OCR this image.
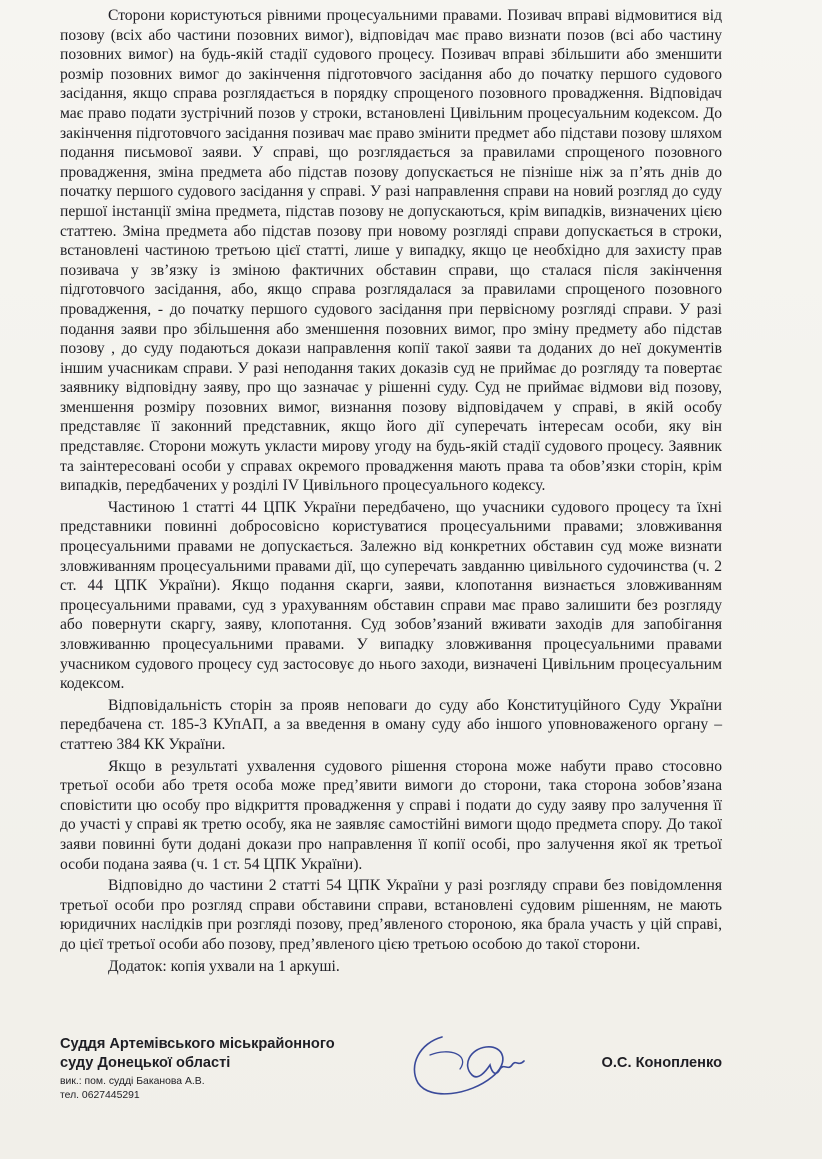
Сторони користуються рівними процесуальними правами. Позивач вправі відмовитися від позову (всіх або частини позовних вимог), відповідач має право визнати позов (всі або частину позовних вимог) на будь-якій стадії судового процесу. Позивач вправі збільшити або зменшити розмір позовних вимог до закінчення підготовчого засідання або до початку першого судового засідання, якщо справа розглядається в порядку спрощеного позовного провадження. Відповідач має право подати зустрічний позов у строки, встановлені Цивільним процесуальним кодексом. До закінчення підготовчого засідання позивач має право змінити предмет або підстави позову шляхом подання письмової заяви. У справі, що розглядається за правилами спрощеного позовного провадження, зміна предмета або підстав позову допускається не пізніше ніж за п’ять днів до початку першого судового засідання у справі. У разі направлення справи на новий розгляд до суду першої інстанції зміна предмета, підстав позову не допускаються, крім випадків, визначених цією статтею. Зміна предмета або підстав позову при новому розгляді справи допускається в строки, встановлені частиною третьою цієї статті, лише у випадку, якщо це необхідно для захисту прав позивача у зв’язку із зміною фактичних обставин справи, що сталася після закінчення підготовчого засідання, або, якщо справа розглядалася за правилами спрощеного позовного провадження, - до початку першого судового засідання при первісному розгляді справи. У разі подання заяви про збільшення або зменшення позовних вимог, про зміну предмету або підстав позову , до суду подаються докази направлення копії такої заяви та доданих до неї документів іншим учасникам справи. У разі неподання таких доказів суд не приймає до розгляду та повертає заявнику відповідну заяву, про що зазначає у рішенні суду. Суд не приймає відмови від позову, зменшення розміру позовних вимог, визнання позову відповідачем у справі, в якій особу представляє її законний представник, якщо його дії суперечать інтересам особи, яку він представляє. Сторони можуть укласти мирову угоду на будь-якій стадії судового процесу. Заявник та заінтересовані особи у справах окремого провадження мають права та обов’язки сторін, крім випадків, передбачених у розділі IV Цивільного процесуального кодексу.

Частиною 1 статті 44 ЦПК України передбачено, що учасники судового процесу та їхні представники повинні добросовісно користуватися процесуальними правами; зловживання процесуальними правами не допускається. Залежно від конкретних обставин суд може визнати зловживанням процесуальними правами дії, що суперечать завданню цивільного судочинства (ч. 2 ст. 44 ЦПК України). Якщо подання скарги, заяви, клопотання визнається зловживанням процесуальними правами, суд з урахуванням обставин справи має право залишити без розгляду або повернути скаргу, заяву, клопотання. Суд зобов’язаний вживати заходів для запобігання зловживанню процесуальними правами. У випадку зловживання процесуальними правами учасником судового процесу суд застосовує до нього заходи, визначені Цивільним процесуальним кодексом.

Відповідальність сторін за прояв неповаги до суду або Конституційного Суду України передбачена ст. 185-3 КУпАП, а за введення в оману суду або іншого уповноваженого органу – статтею 384 КК України.

Якщо в результаті ухвалення судового рішення сторона може набути право стосовно третьої особи або третя особа може пред’явити вимоги до сторони, така сторона зобов’язана сповістити цю особу про відкриття провадження у справі і подати до суду заяву про залучення її до участі у справі як третю особу, яка не заявляє самостійні вимоги щодо предмета спору. До такої заяви повинні бути додані докази про направлення її копії особі, про залучення якої як третьої особи подана заява (ч. 1 ст. 54 ЦПК України).

Відповідно до частини 2 статті 54 ЦПК України у разі розгляду справи без повідомлення третьої особи про розгляд справи обставини справи, встановлені судовим рішенням, не мають юридичних наслідків при розгляді позову, пред’явленого стороною, яка брала участь у цій справі, до цієї третьої особи або позову, пред’явленого цією третьою особою до такої сторони.

Додаток: копія ухвали на 1 аркуші.

Суддя Артемівського міськрайонного
суду Донецької області
вик.: пом. судді Баканова А.В.
тел. 0627445291
О.С. Конопленко
